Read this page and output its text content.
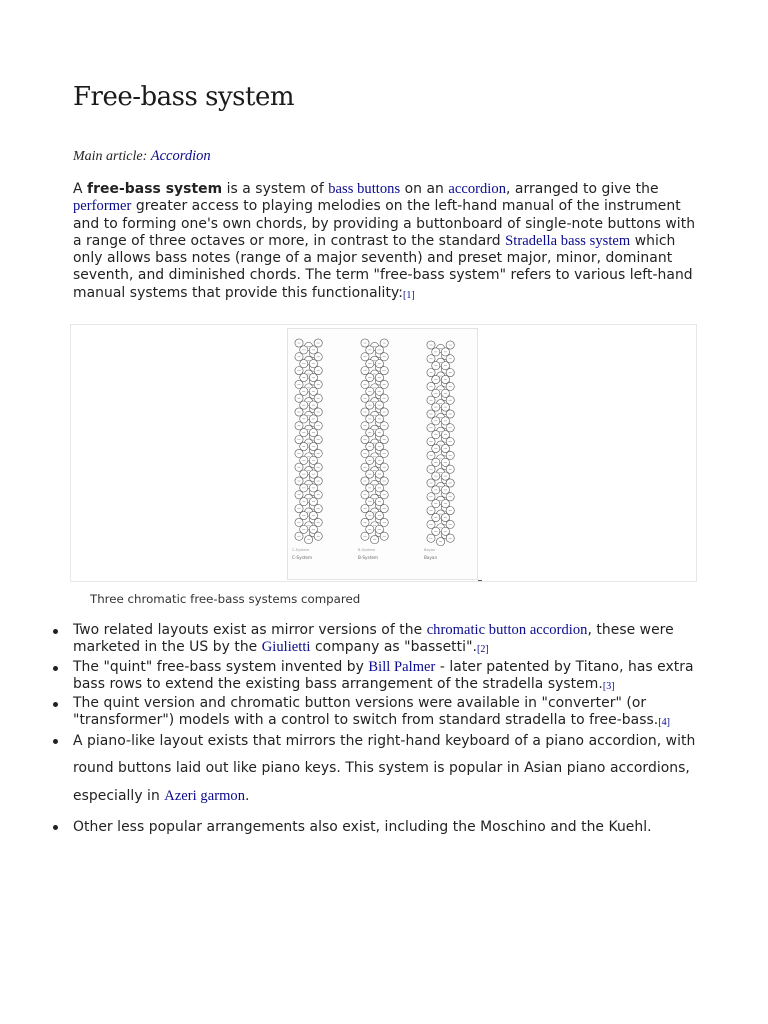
Free-bass system
Main article: Accordion

A free-bass system is a system of bass buttons on an accordion, arranged to give the performer greater access to playing melodies on the left-hand manual of the instrument and to forming one's own chords, by providing a buttonboard of single-note buttons with a range of three octaves or more, in contrast to the standard Stradella bass system which only allows bass notes (range of a major seventh) and preset major, minor, dominant seventh, and diminished chords. The term "free-bass system" refers to various left-hand manual systems that provide this functionality:[1]

C-System
C-System
B-System
B-System
Bayan
Bayan
Three chromatic free-bass systems compared
Two related layouts exist as mirror versions of the chromatic button accordion, these were marketed in the US by the Giulietti company as "bassetti".[2]
The "quint" free-bass system invented by Bill Palmer - later patented by Titano, has extra bass rows to extend the existing bass arrangement of the stradella system.[3]
The quint version and chromatic button versions were available in "converter" (or "transformer") models with a control to switch from standard stradella to free-bass.[4]
A piano-like layout exists that mirrors the right-hand keyboard of a piano accordion, with round buttons laid out like piano keys. This system is popular in Asian piano accordions, especially in Azeri garmon.
Other less popular arrangements also exist, including the Moschino and the Kuehl.
